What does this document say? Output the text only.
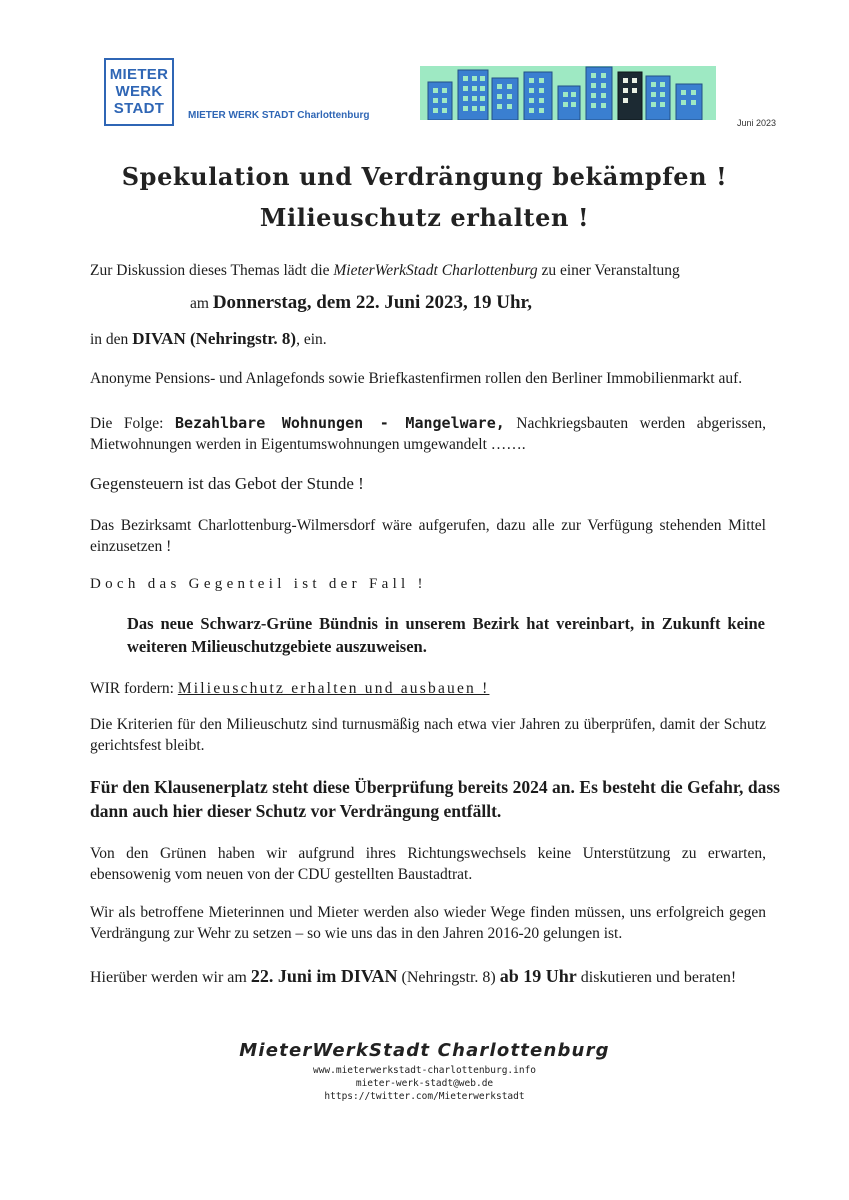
MIETER
WERK
STADT	MIETER WERK STADT Charlottenburg
Juni 2023
Spekulation und Verdrängung bekämpfen !
Milieuschutz erhalten !
Zur Diskussion dieses Themas lädt die MieterWerkStadt Charlottenburg zu einer Veranstaltung
am Donnerstag, dem 22. Juni 2023, 19 Uhr,
in den DIVAN (Nehringstr. 8), ein.
Anonyme Pensions- und Anlagefonds sowie Briefkastenfirmen rollen den Berliner Immobilienmarkt auf.
Die Folge: Bezahlbare Wohnungen - Mangelware, Nachkriegsbauten werden abgerissen, Mietwohnungen werden in Eigentumswohnungen umgewandelt …….
Gegensteuern ist das Gebot der Stunde !
Das Bezirksamt Charlottenburg-Wilmersdorf wäre aufgerufen, dazu alle zur Verfügung stehenden Mittel einzusetzen !
Doch das Gegenteil ist der Fall !
Das neue Schwarz-Grüne Bündnis in unserem Bezirk hat vereinbart, in Zukunft keine weiteren Milieuschutzgebiete auszuweisen.
WIR fordern: Milieuschutz erhalten und ausbauen !
Die Kriterien für den Milieuschutz sind turnusmäßig nach etwa vier Jahren zu überprüfen, damit der Schutz gerichtsfest bleibt.
Für den Klausenerplatz steht diese Überprüfung bereits 2024 an. Es besteht die Gefahr, dass dann auch hier dieser Schutz vor Verdrängung entfällt.
Von den Grünen haben wir aufgrund ihres Richtungswechsels keine Unterstützung zu erwarten, ebensowenig vom neuen von der CDU gestellten Baustadtrat.
Wir als betroffene Mieterinnen und Mieter werden also wieder Wege finden müssen, uns erfolgreich gegen Verdrängung zur Wehr zu setzen – so wie uns das in den Jahren 2016-20 gelungen ist.
Hierüber werden wir am 22. Juni im DIVAN (Nehringstr. 8) ab 19 Uhr diskutieren und beraten!
MieterWerkStadt Charlottenburg
www.mieterwerkstadt-charlottenburg.info
mieter-werk-stadt@web.de
https://twitter.com/Mieterwerkstadt
